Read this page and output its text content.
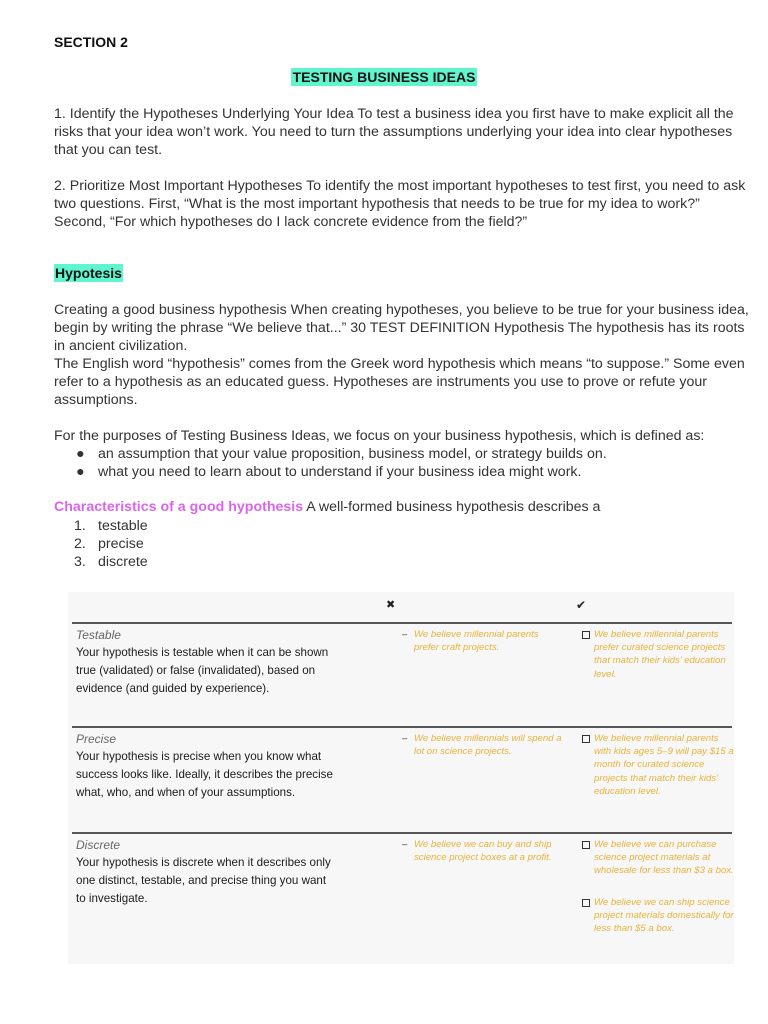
SECTION 2
TESTING BUSINESS IDEAS

1. Identify the Hypotheses Underlying Your Idea To test a business idea you first have to make explicit all the risks that your idea won’t work. You need to turn the assumptions underlying your idea into clear hypotheses that you can test.

2. Prioritize Most Important Hypotheses To identify the most important hypotheses to test first, you need to ask two questions. First, “What is the most important hypothesis that needs to be true for my idea to work?” Second, “For which hypotheses do I lack concrete evidence from the field?”

Hypotesis

Creating a good business hypothesis When creating hypotheses, you believe to be true for your business idea, begin by writing the phrase “We believe that...” 30 TEST DEFINITION Hypothesis The hypothesis has its roots in ancient civilization.

The English word “hypothesis” comes from the Greek word hypothesis which means “to suppose.” Some even refer to a hypothesis as an educated guess. Hypotheses are instruments you use to prove or refute your assumptions.

For the purposes of Testing Business Ideas, we focus on your business hypothesis, which is defined as:

● an assumption that your value proposition, business model, or strategy builds on.
● what you need to learn about to understand if your business idea might work.
Characteristics of a good hypothesis A well-formed business hypothesis describes a
1. testable
2. precise
3. discrete
✖	✔
Testable
Your hypothesis is testable when it can be shown true (validated) or false (invalidated), based on evidence (and guided by experience).
– We believe millennial parents prefer craft projects.
We believe millennial parents prefer curated science projects that match their kids’ education level.
Precise
Your hypothesis is precise when you know what success looks like. Ideally, it describes the precise what, who, and when of your assumptions.
– We believe millennials will spend a lot on science projects.
We believe millennial parents with kids ages 5–9 will pay $15 a month for curated science projects that match their kids’ education level.
Discrete
Your hypothesis is discrete when it describes only one distinct, testable, and precise thing you want to investigate.
– We believe we can buy and ship science project boxes at a profit.
We believe we can purchase science project materials at wholesale for less than $3 a box.
We believe we can ship science project materials domestically for less than $5 a box.
